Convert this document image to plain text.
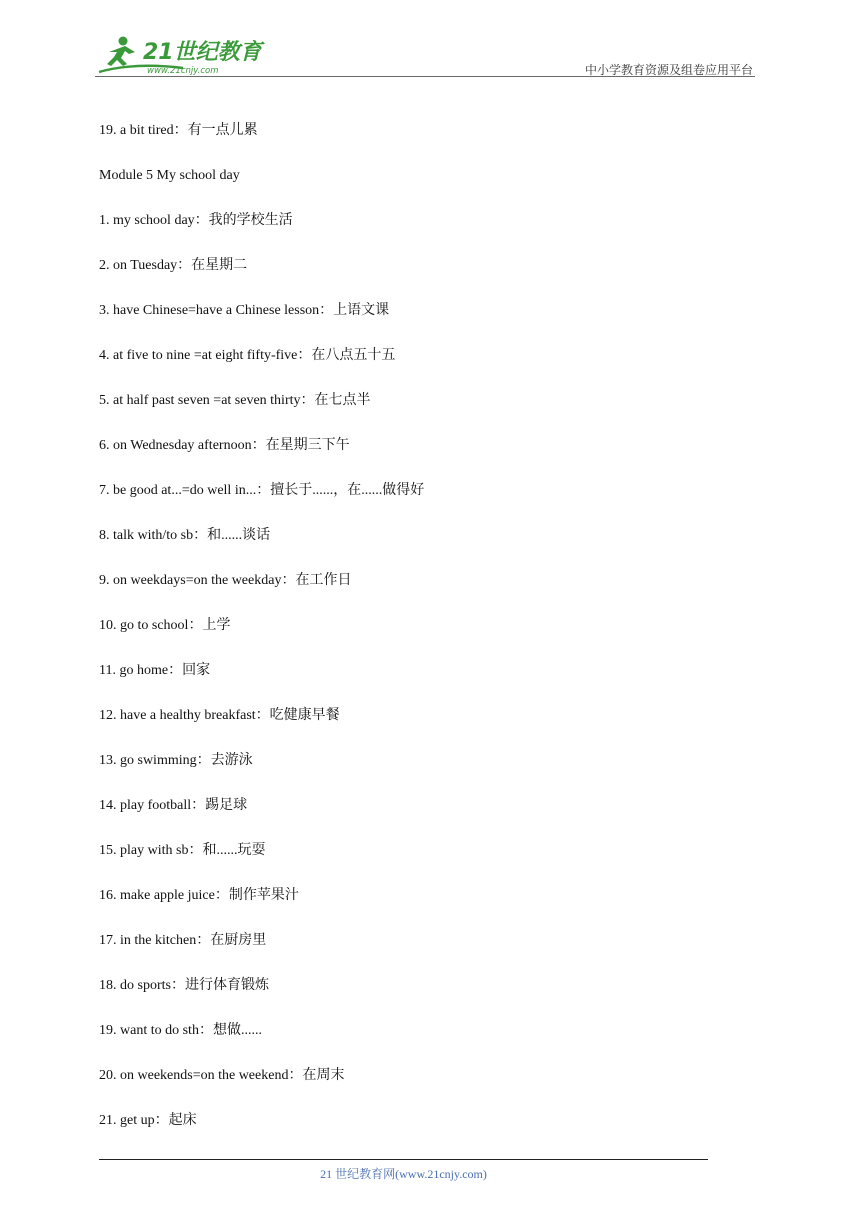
21世纪教育
www.21cnjy.com	中小学教育资源及组卷应用平台
19. a bit tired：有一点儿累
Module 5 My school day
1. my school day：我的学校生活
2. on Tuesday：在星期二
3. have Chinese=have a Chinese lesson：上语文课
4. at five to nine =at eight fifty-five：在八点五十五
5. at half past seven =at seven thirty：在七点半
6. on Wednesday afternoon：在星期三下午
7. be good at...=do well in...：擅长于......，在......做得好
8. talk with/to sb：和......谈话
9. on weekdays=on the weekday：在工作日
10. go to school：上学
11. go home：回家
12. have a healthy breakfast：吃健康早餐
13. go swimming：去游泳
14. play football：踢足球
15. play with sb：和......玩耍
16. make apple juice：制作苹果汁
17. in the kitchen：在厨房里
18. do sports：进行体育锻炼
19. want to do sth：想做......
20. on weekends=on the weekend：在周末
21. get up：起床
21 世纪教育网(www.21cnjy.com)
